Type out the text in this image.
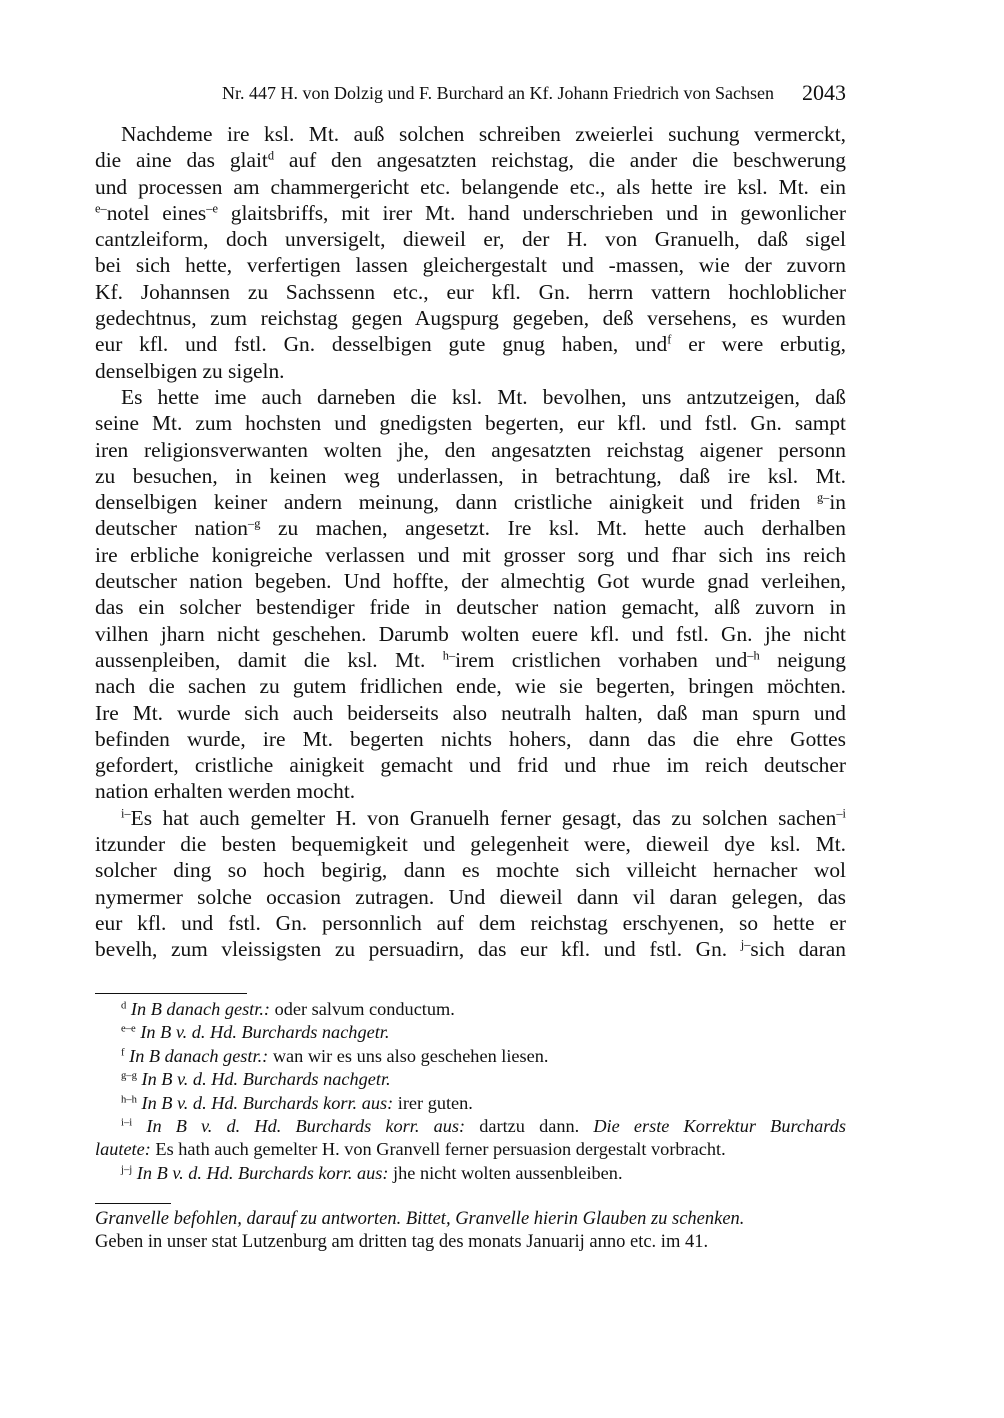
Nr. 447 H. von Dolzig und F. Burchard an Kf. Johann Friedrich von Sachsen 2043
Nachdeme ire ksl. Mt. auß solchen schreiben zweierlei suchung vermerckt,
die aine das glait$^d$ auf den angesatzten reichstag, die ander die beschwerung
und processen am chammergericht etc. belangende etc., als hette ire ksl. Mt. ein
$^{e-}$notel eines$^{-e}$ glaitsbriffs, mit irer Mt. hand underschrieben und in gewonlicher
cantzleiform, doch unversigelt, dieweil er, der H. von Granuelh, daß sigel
bei sich hette, verfertigen lassen gleichergestalt und -massen, wie der zuvorn
Kf. Johannsen zu Sachssenn etc., eur kfl. Gn. herrn vattern hochloblicher
gedechtnus, zum reichstag gegen Augspurg gegeben, deß versehens, es wurden
eur kfl. und fstl. Gn. desselbigen gute gnug haben, und$^f$ er were erbutig,
denselbigen zu sigeln.
Es hette ime auch darneben die ksl. Mt. bevolhen, uns antzutzeigen, daß
seine Mt. zum hochsten und gnedigsten begerten, eur kfl. und fstl. Gn. sampt
iren religionsverwanten wolten jhe, den angesatzten reichstag aigener personn
zu besuchen, in keinen weg underlassen, in betrachtung, daß ire ksl. Mt.
denselbigen keiner andern meinung, dann cristliche ainigkeit und friden $^{g-}$in
deutscher nation$^{-g}$ zu machen, angesetzt. Ire ksl. Mt. hette auch derhalben
ire erbliche konigreiche verlassen und mit grosser sorg und fhar sich ins reich
deutscher nation begeben. Und hoffte, der almechtig Got wurde gnad verleihen,
das ein solcher bestendiger fride in deutscher nation gemacht, alß zuvorn in
vilhen jharn nicht geschehen. Darumb wolten euere kfl. und fstl. Gn. jhe nicht
aussenpleiben, damit die ksl. Mt. $^{h-}$irem cristlichen vorhaben und$^{-h}$ neigung
nach die sachen zu gutem fridlichen ende, wie sie begerten, bringen möchten.
Ire Mt. wurde sich auch beiderseits also neutralh halten, daß man spurn und
befinden wurde, ire Mt. begerten nichts hohers, dann das die ehre Gottes
gefordert, cristliche ainigkeit gemacht und frid und rhue im reich deutscher
nation erhalten werden mocht.
$^{i-}$Es hat auch gemelter H. von Granuelh ferner gesagt, das zu solchen sachen$^{-i}$
itzunder die besten bequemigkeit und gelegenheit were, dieweil dye ksl. Mt.
solcher ding so hoch begirig, dann es mochte sich villeicht hernacher wol
nymermer solche occasion zutragen. Und dieweil dann vil daran gelegen, das
eur kfl. und fstl. Gn. personnlich auf dem reichstag erschyenen, so hette er
bevelh, zum vleissigsten zu persuadirn, das eur kfl. und fstl. Gn. $^{j-}$sich daran
$^d$ In B danach gestr.: oder salvum conductum.
$^{e-e}$ In B v. d. Hd. Burchards nachgetr.
$^f$ In B danach gestr.: wan wir es uns also geschehen liesen.
$^{g-g}$ In B v. d. Hd. Burchards nachgetr.
$^{h-h}$ In B v. d. Hd. Burchards korr. aus: irer guten.
$^{i-i}$ In B v. d. Hd. Burchards korr. aus: dartzu dann. Die erste Korrektur Burchards
lautete: Es hath auch gemelter H. von Granvell ferner persuasion dergestalt vorbracht.
$^{j-j}$ In B v. d. Hd. Burchards korr. aus: jhe nicht wolten aussenbleiben.
Granvelle befohlen, darauf zu antworten. Bittet, Granvelle hierin Glauben zu schenken.
Geben in unser stat Lutzenburg am dritten tag des monats Januarij anno etc. im 41.
